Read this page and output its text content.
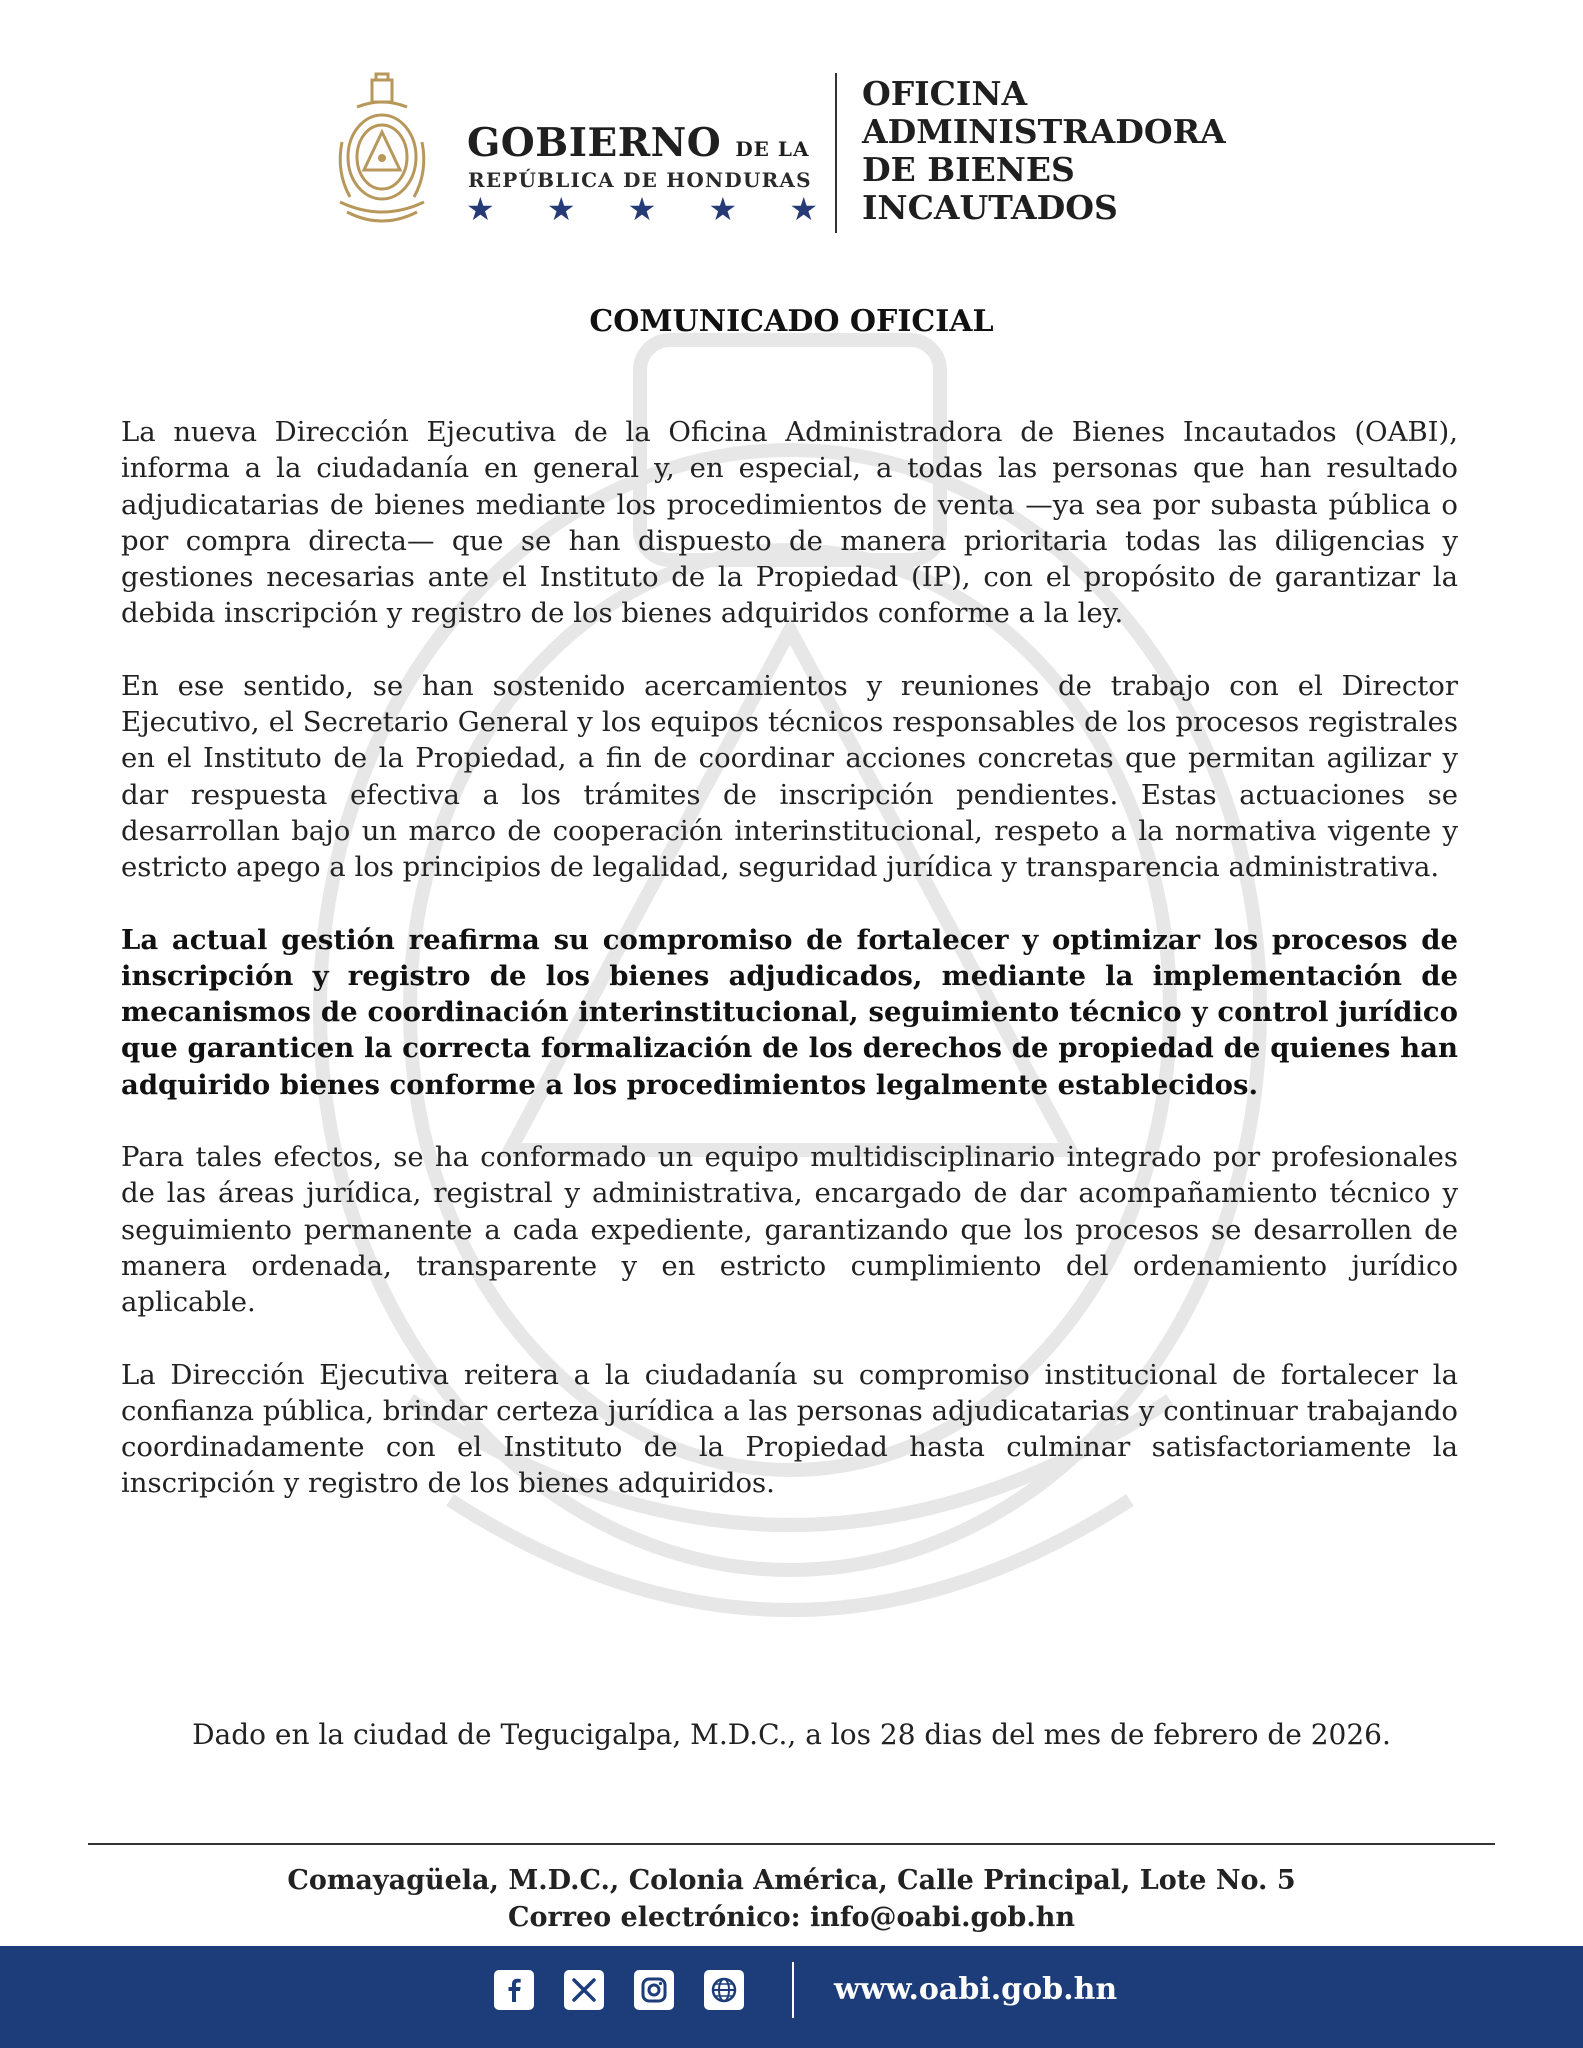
GOBIERNO DE LA
REPÚBLICA DE HONDURAS
★ ★ ★ ★ ★
OFICINA
ADMINISTRADORA
DE BIENES
INCAUTADOS
COMUNICADO OFICIAL

La nueva Dirección Ejecutiva de la Oficina Administradora de Bienes Incautados (OABI), informa a la ciudadanía en general y, en especial, a todas las personas que han resultado adjudicatarias de bienes mediante los procedimientos de venta —ya sea por subasta pública o por compra directa— que se han dispuesto de manera prioritaria todas las diligencias y gestiones necesarias ante el Instituto de la Propiedad (IP), con el propósito de garantizar la debida inscripción y registro de los bienes adquiridos conforme a la ley.

En ese sentido, se han sostenido acercamientos y reuniones de trabajo con el Director Ejecutivo, el Secretario General y los equipos técnicos responsables de los procesos registrales en el Instituto de la Propiedad, a fin de coordinar acciones concretas que permitan agilizar y dar respuesta efectiva a los trámites de inscripción pendientes. Estas actuaciones se desarrollan bajo un marco de cooperación interinstitucional, respeto a la normativa vigente y estricto apego a los principios de legalidad, seguridad jurídica y transparencia administrativa.

La actual gestión reafirma su compromiso de fortalecer y optimizar los procesos de inscripción y registro de los bienes adjudicados, mediante la implementación de mecanismos de coordinación interinstitucional, seguimiento técnico y control jurídico que garanticen la correcta formalización de los derechos de propiedad de quienes han adquirido bienes conforme a los procedimientos legalmente establecidos.

Para tales efectos, se ha conformado un equipo multidisciplinario integrado por profesionales de las áreas jurídica, registral y administrativa, encargado de dar acompañamiento técnico y seguimiento permanente a cada expediente, garantizando que los procesos se desarrollen de manera ordenada, transparente y en estricto cumplimiento del ordenamiento jurídico aplicable.

La Dirección Ejecutiva reitera a la ciudadanía su compromiso institucional de fortalecer la confianza pública, brindar certeza jurídica a las personas adjudicatarias y continuar trabajando coordinadamente con el Instituto de la Propiedad hasta culminar satisfactoriamente la inscripción y registro de los bienes adquiridos.

Dado en la ciudad de Tegucigalpa, M.D.C., a los 28 dias del mes de febrero de 2026.
Comayagüela, M.D.C., Colonia América, Calle Principal, Lote No. 5
Correo electrónico: info@oabi.gob.hn
www.oabi.gob.hn
